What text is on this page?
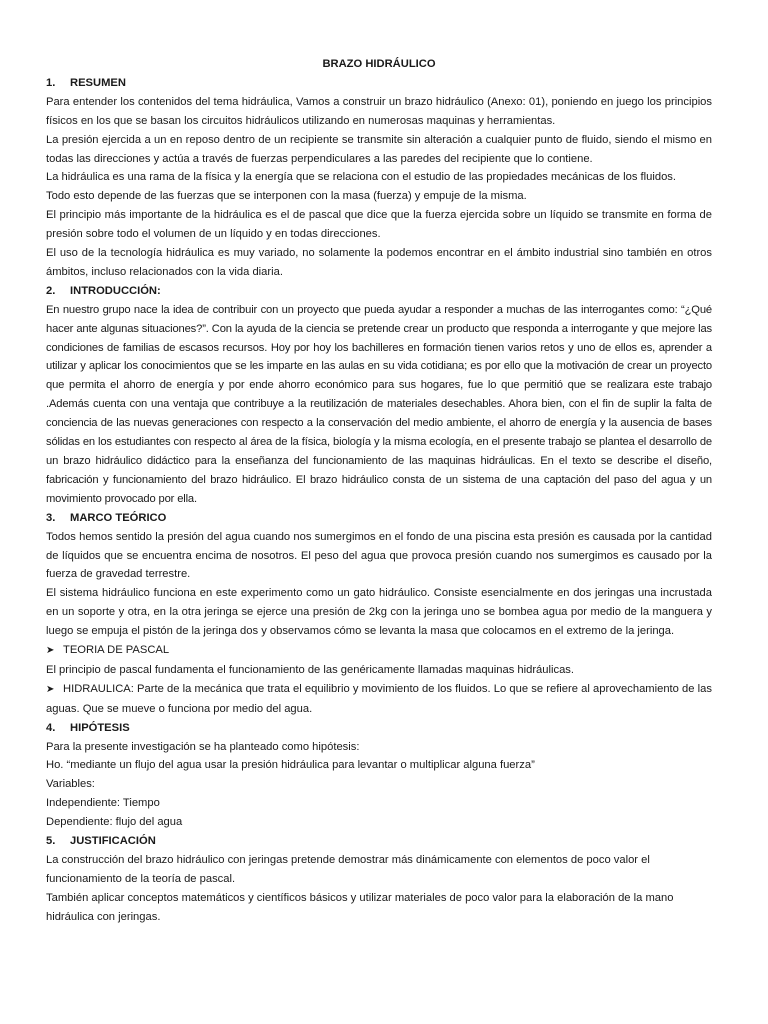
BRAZO HIDRÁULICO
1. RESUMEN

Para entender los contenidos del tema hidráulica, Vamos a construir un brazo hidráulico (Anexo: 01), poniendo en juego los principios físicos en los que se basan los circuitos hidráulicos utilizando en numerosas maquinas y herramientas.

La presión ejercida a un en reposo dentro de un recipiente se transmite sin alteración a cualquier punto de fluido, siendo el mismo en todas las direcciones y actúa a través de fuerzas perpendiculares a las paredes del recipiente que lo contiene.

La hidráulica es una rama de la física y la energía que se relaciona con el estudio de las propiedades mecánicas de los fluidos.

Todo esto depende de las fuerzas que se interponen con la masa (fuerza) y empuje de la misma.

El principio más importante de la hidráulica es el de pascal que dice que la fuerza ejercida sobre un líquido se transmite en forma de presión sobre todo el volumen de un líquido y en todas direcciones.

El uso de la tecnología hidráulica es muy variado, no solamente la podemos encontrar en el ámbito industrial sino también en otros ámbitos, incluso relacionados con la vida diaria.

2. INTRODUCCIÓN:

En nuestro grupo nace la idea de contribuir con un proyecto que pueda ayudar a responder a muchas de las interrogantes como: “¿Qué hacer ante algunas situaciones?”. Con la ayuda de la ciencia se pretende crear un producto que responda a interrogante y que mejore las condiciones de familias de escasos recursos. Hoy por hoy los bachilleres en formación tienen varios retos y uno de ellos es, aprender a utilizar y aplicar los conocimientos que se les imparte en las aulas en su vida cotidiana; es por ello que la motivación de crear un proyecto que permita el ahorro de energía y por ende ahorro económico para sus hogares, fue lo que permitió que se realizara este trabajo .Además cuenta con una ventaja que contribuye a la reutilización de materiales desechables. Ahora bien, con el fin de suplir la falta de conciencia de las nuevas generaciones con respecto a la conservación del medio ambiente, el ahorro de energía y la ausencia de bases sólidas en los estudiantes con respecto al área de la física, biología y la misma ecología, en el presente trabajo se plantea el desarrollo de un brazo hidráulico didáctico para la enseñanza del funcionamiento de las maquinas hidráulicas. En el texto se describe el diseño, fabricación y funcionamiento del brazo hidráulico. El brazo hidráulico consta de un sistema de una captación del paso del agua y un movimiento provocado por ella.

3. MARCO TEÓRICO

Todos hemos sentido la presión del agua cuando nos sumergimos en el fondo de una piscina esta presión es causada por la cantidad de líquidos que se encuentra encima de nosotros. El peso del agua que provoca presión cuando nos sumergimos es causado por la fuerza de gravedad terrestre.

El sistema hidráulico funciona en este experimento como un gato hidráulico. Consiste esencialmente en dos jeringas una incrustada en un soporte y otra, en la otra jeringa se ejerce una presión de 2kg con la jeringa uno se bombea agua por medio de la manguera y luego se empuja el pistón de la jeringa dos y observamos cómo se levanta la masa que colocamos en el extremo de la jeringa.

➤ TEORIA DE PASCAL

El principio de pascal fundamenta el funcionamiento de las genéricamente llamadas maquinas hidráulicas.

➤ HIDRAULICA: Parte de la mecánica que trata el equilibrio y movimiento de los fluidos. Lo que se refiere al aprovechamiento de las aguas. Que se mueve o funciona por medio del agua.

4. HIPÓTESIS

Para la presente investigación se ha planteado como hipótesis:

Ho. “mediante un flujo del agua usar la presión hidráulica para levantar o multiplicar alguna fuerza”

Variables:

Independiente: Tiempo

Dependiente: flujo del agua

5. JUSTIFICACIÓN

La construcción del brazo hidráulico con jeringas pretende demostrar más dinámicamente con elementos de poco valor el funcionamiento de la teoría de pascal.

También aplicar conceptos matemáticos y científicos básicos y utilizar materiales de poco valor para la elaboración de la mano hidráulica con jeringas.
